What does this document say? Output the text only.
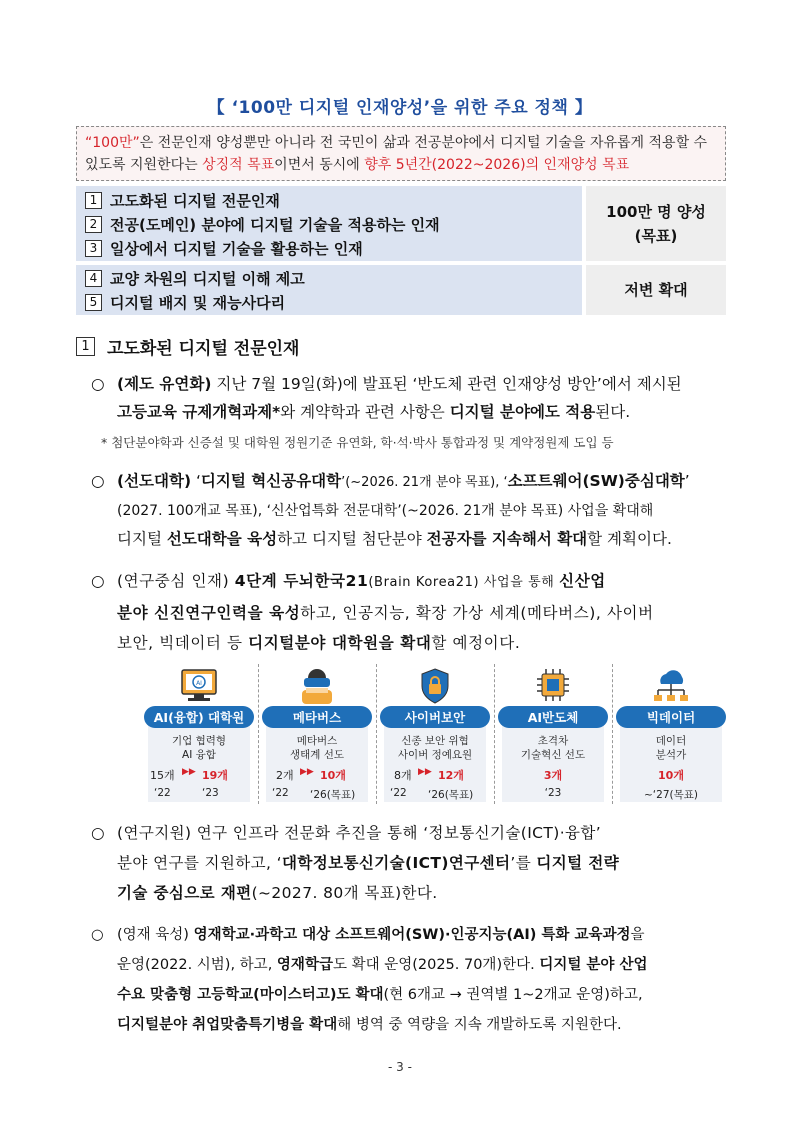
【 ‘100만 디지털 인재양성’을 위한 주요 정책 】
“100만”은 전문인재 양성뿐만 아니라 전 국민이 삶과 전공분야에서 디지털 기술을 자유롭게 적용할 수 있도록 지원한다는 상징적 목표이면서 동시에 향후 5년간(2022~2026)의 인재양성 목표
1 고도화된 디지털 전문인재
2 전공(도메인) 분야에 디지털 기술을 적용하는 인재
3 일상에서 디지털 기술을 활용하는 인재
100만 명 양성
(목표)
4 교양 차원의 디지털 이해 제고
5 디지털 배지 및 재능사다리
저변 확대
1	고도화된 디지털 전문인재
○ (제도 유연화) 지난 7월 19일(화)에 발표된 ‘반도체 관련 인재양성 방안’에서 제시된
고등교육 규제개혁과제*와 계약학과 관련 사항은 디지털 분야에도 적용된다.
* 첨단분야학과 신증설 및 대학원 정원기준 유연화, 학·석·박사 통합과정 및 계약정원제 도입 등
○ (선도대학) ‘디지털 혁신공유대학’(~2026. 21개 분야 목표), ‘소프트웨어(SW)중심대학’
(2027. 100개교 목표), ‘신산업특화 전문대학’(~2026. 21개 분야 목표) 사업을 확대해
디지털 선도대학을 육성하고 디지털 첨단분야 전공자를 지속해서 확대할 계획이다.
○ (연구중심 인재) 4단계 두뇌한국21(Brain Korea21) 사업을 통해 신산업
분야 신진연구인력을 육성하고, 인공지능, 확장 가상 세계(메타버스), 사이버
보안, 빅데이터 등 디지털분야 대학원을 확대할 예정이다.
AI
AI(융합) 대학원
기업 협력형
AI 융합
15개 ▶▶ 19개
‘22	‘23
메타버스
메타버스
생태계 선도
2개 ▶▶ 10개
‘22 ‘26(목표)
사이버보안
신종 보안 위협
사이버 정예요원
8개 ▶▶ 12개
‘22 ‘26(목표)
AI반도체
초격차
기술혁신 선도
3개
‘23
빅데이터
데이터
분석가
10개
~‘27(목표)
○ (연구지원) 연구 인프라 전문화 추진을 통해 ‘정보통신기술(ICT)·융합’
분야 연구를 지원하고, ‘대학정보통신기술(ICT)연구센터’를 디지털 전략
기술 중심으로 재편(~2027. 80개 목표)한다.
○ (영재 육성) 영재학교·과학고 대상 소프트웨어(SW)·인공지능(AI) 특화 교육과정을
운영(2022. 시범), 하고, 영재학급도 확대 운영(2025. 70개)한다. 디지털 분야 산업
수요 맞춤형 고등학교(마이스터고)도 확대(현 6개교 → 권역별 1~2개교 운영)하고,
디지털분야 취업맞춤특기병을 확대해 병역 중 역량을 지속 개발하도록 지원한다.
- 3 -
